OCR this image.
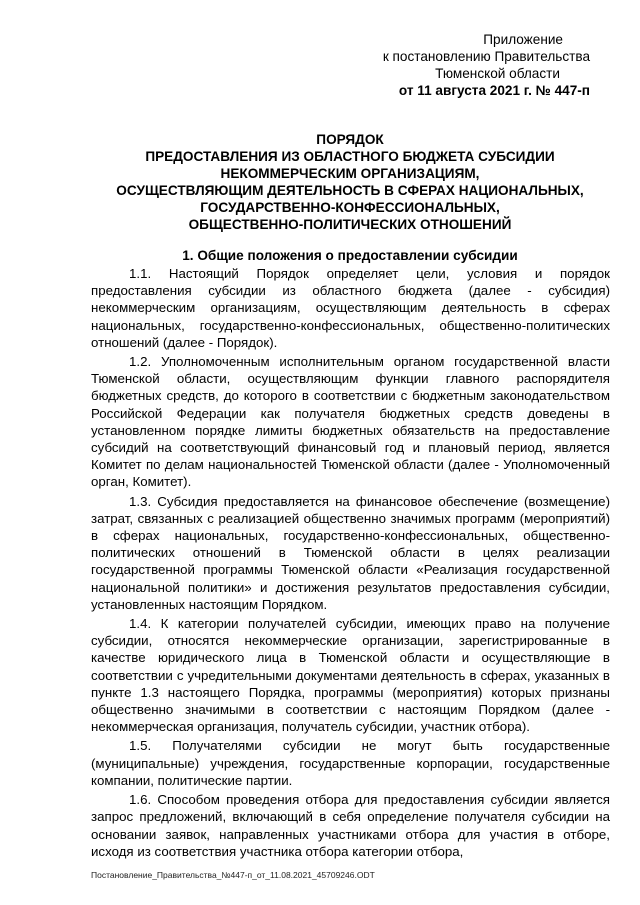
Приложение
к постановлению Правительства
Тюменской области
от 11 августа 2021 г. № 447-п
ПОРЯДОК
ПРЕДОСТАВЛЕНИЯ ИЗ ОБЛАСТНОГО БЮДЖЕТА СУБСИДИИ
НЕКОММЕРЧЕСКИМ ОРГАНИЗАЦИЯМ,
ОСУЩЕСТВЛЯЮЩИМ ДЕЯТЕЛЬНОСТЬ В СФЕРАХ НАЦИОНАЛЬНЫХ,
ГОСУДАРСТВЕННО-КОНФЕССИОНАЛЬНЫХ,
ОБЩЕСТВЕННО-ПОЛИТИЧЕСКИХ ОТНОШЕНИЙ
1. Общие положения о предоставлении субсидии

1.1. Настоящий Порядок определяет цели, условия и порядок предоставления субсидии из областного бюджета (далее - субсидия) некоммерческим организациям, осуществляющим деятельность в сферах национальных, государственно-конфессиональных, общественно-политических отношений (далее - Порядок).

1.2. Уполномоченным исполнительным органом государственной власти Тюменской области, осуществляющим функции главного распорядителя бюджетных средств, до которого в соответствии с бюджетным законодательством Российской Федерации как получателя бюджетных средств доведены в установленном порядке лимиты бюджетных обязательств на предоставление субсидий на соответствующий финансовый год и плановый период, является Комитет по делам национальностей Тюменской области (далее - Уполномоченный орган, Комитет).

1.3. Субсидия предоставляется на финансовое обеспечение (возмещение) затрат, связанных с реализацией общественно значимых программ (мероприятий) в сферах национальных, государственно-конфессиональных, общественно-политических отношений в Тюменской области в целях реализации государственной программы Тюменской области «Реализация государственной национальной политики» и достижения результатов предоставления субсидии, установленных настоящим Порядком.

1.4. К категории получателей субсидии, имеющих право на получение субсидии, относятся некоммерческие организации, зарегистрированные в качестве юридического лица в Тюменской области и осуществляющие в соответствии с учредительными документами деятельность в сферах, указанных в пункте 1.3 настоящего Порядка, программы (мероприятия) которых признаны общественно значимыми в соответствии с настоящим Порядком (далее - некоммерческая организация, получатель субсидии, участник отбора).

1.5. Получателями субсидии не могут быть государственные (муниципальные) учреждения, государственные корпорации, государственные компании, политические партии.

1.6. Способом проведения отбора для предоставления субсидии является запрос предложений, включающий в себя определение получателя субсидии на основании заявок, направленных участниками отбора для участия в отборе, исходя из соответствия участника отбора категории отбора,

Постановление_Правительства_№447-п_от_11.08.2021_45709246.ODT
